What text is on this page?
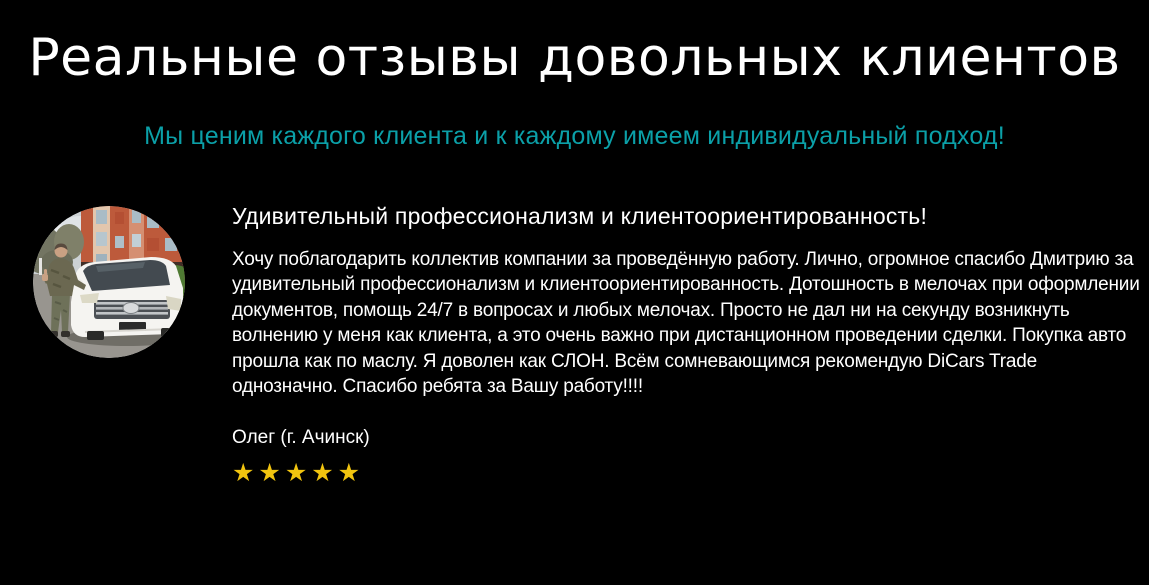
Реальные отзывы довольных клиентов
Мы ценим каждого клиента и к каждому имеем индивидуальный подход!
Удивительный профессионализм и клиентоориентированность!
Хочу поблагодарить коллектив компании за проведённую работу. Лично, огромное спасибо Дмитрию за удивительный профессионализм и клиентоориентированность. Дотошность в мелочах при оформлении документов, помощь 24/7 в вопросах и любых мелочах. Просто не дал ни на секунду возникнуть волнению у меня как клиента, а это очень важно при дистанционном проведении сделки. Покупка авто прошла как по маслу. Я доволен как СЛОН. Всём сомневающимся рекомендую DiCars Trade однозначно. Спасибо ребята за Вашу работу!!!!
Олег (г. Ачинск)
★★★★★
